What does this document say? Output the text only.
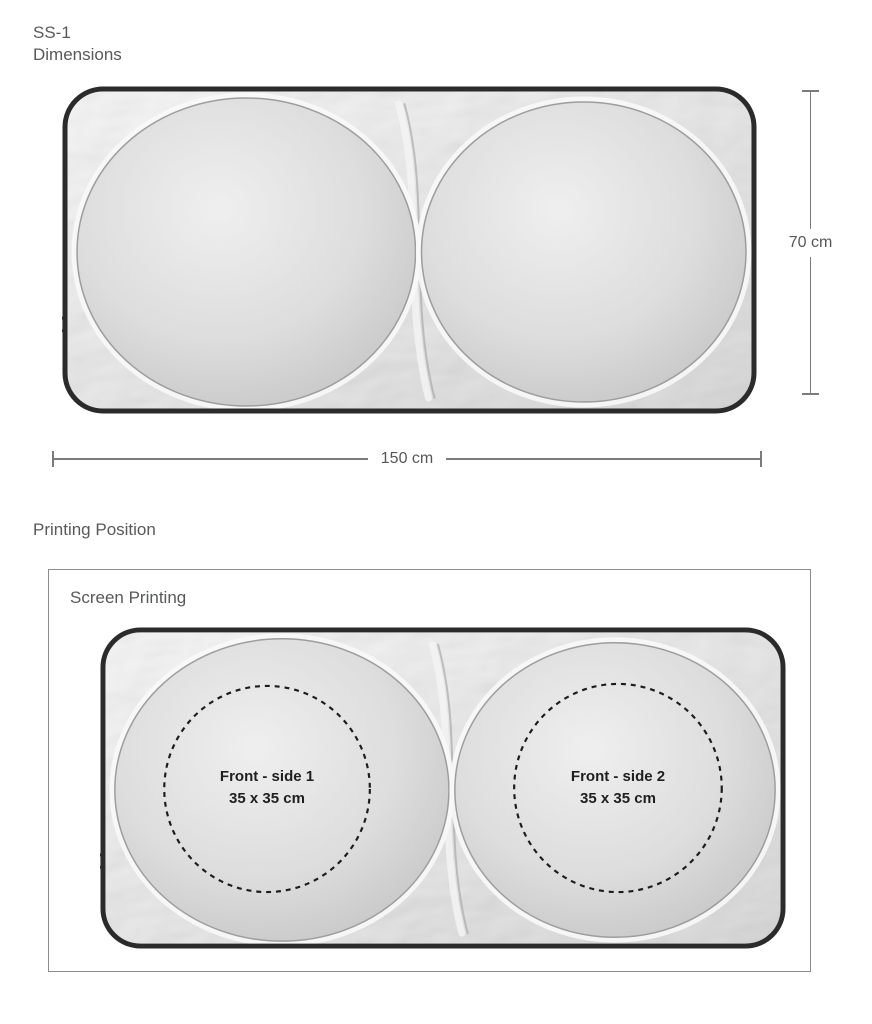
SS-1
Dimensions
70 cm
150 cm
Printing Position
Screen Printing
Front - side 1
35 x 35 cm
Front - side 2
35 x 35 cm
